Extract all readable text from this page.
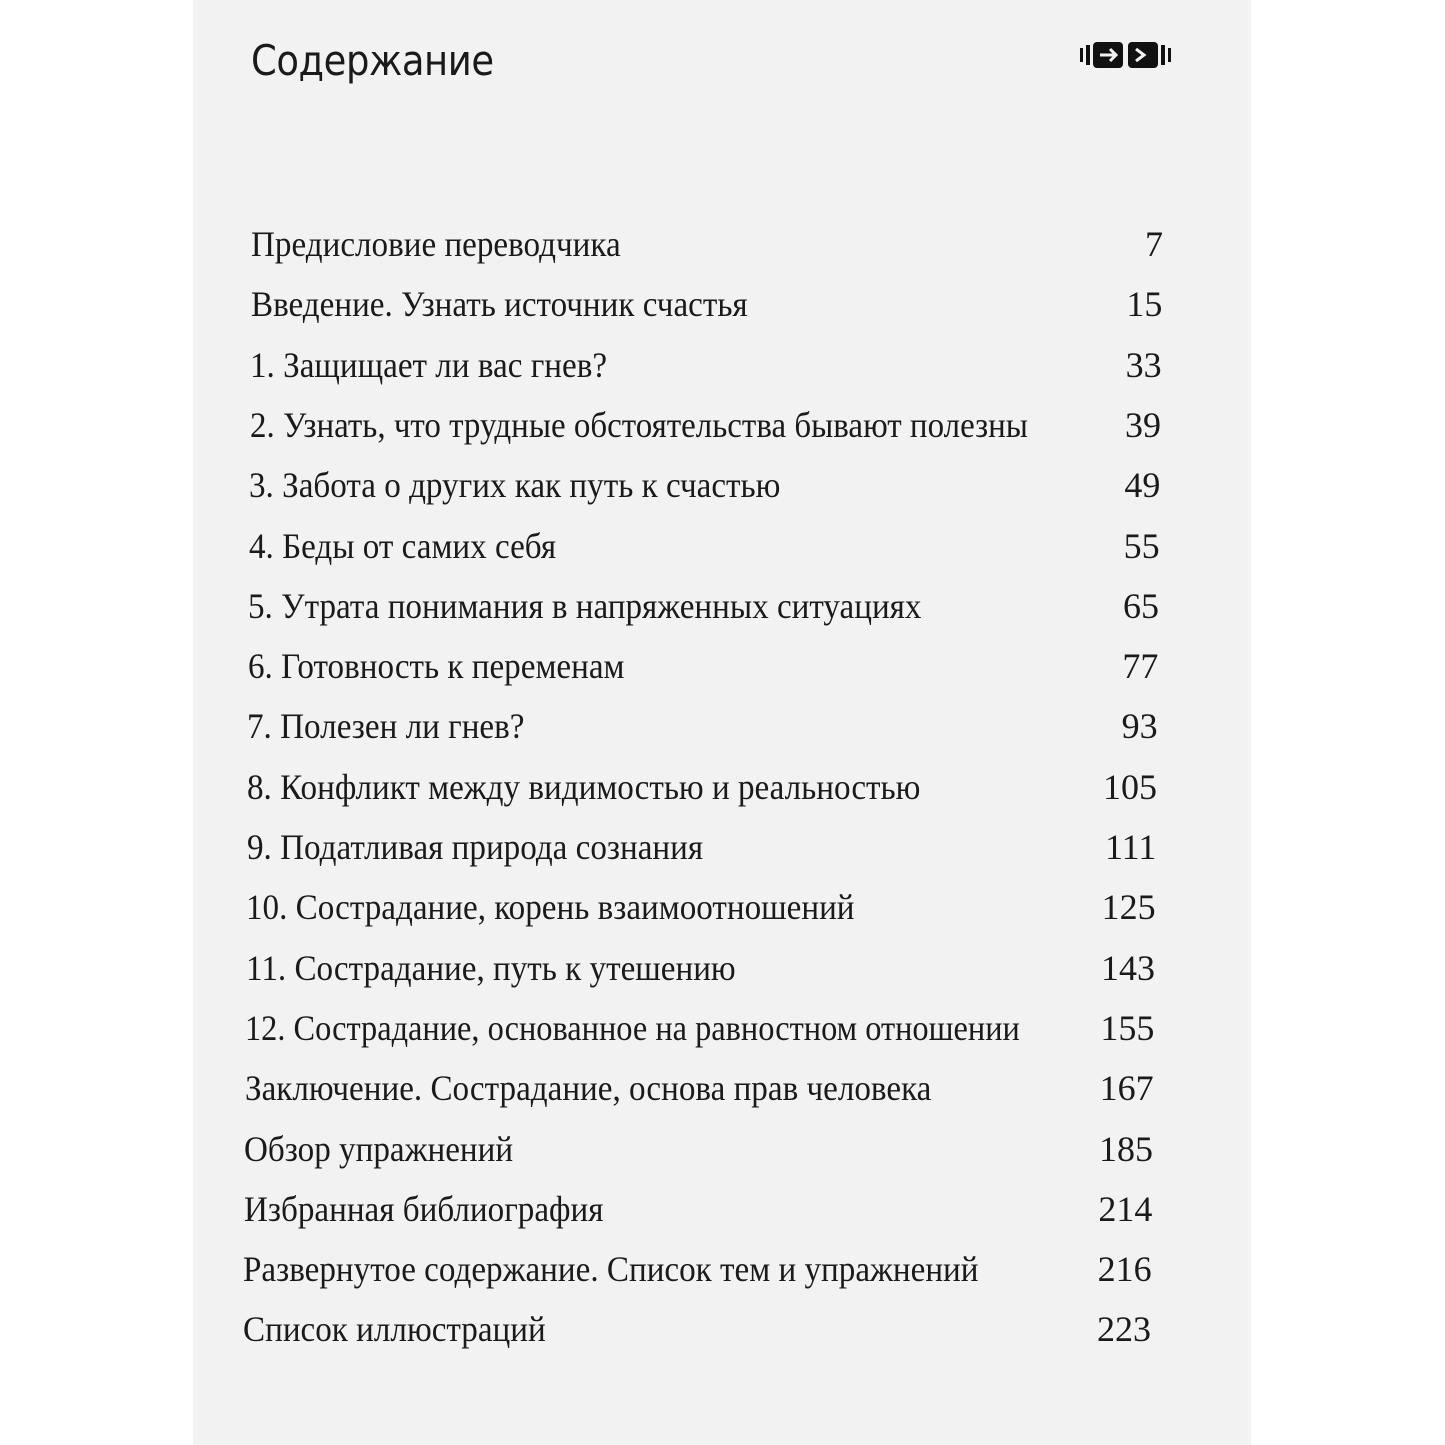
Содержание
Предисловие переводчика	7
Введение. Узнать источник счастья	15
1. Защищает ли вас гнев?	33
2. Узнать, что трудные обстоятельства бывают полезны	39
3. Забота о других как путь к счастью	49
4. Беды от самих себя	55
5. Утрата понимания в напряженных ситуациях	65
6. Готовность к переменам	77
7. Полезен ли гнев?	93
8. Конфликт между видимостью и реальностью	105
9. Податливая природа сознания	111
10. Сострадание, корень взаимоотношений	125
11. Сострадание, путь к утешению	143
12. Сострадание, основанное на равностном отношении	155
Заключение. Сострадание, основа прав человека	167
Обзор упражнений	185
Избранная библиография	214
Развернутое содержание. Список тем и упражнений	216
Список иллюстраций	223
